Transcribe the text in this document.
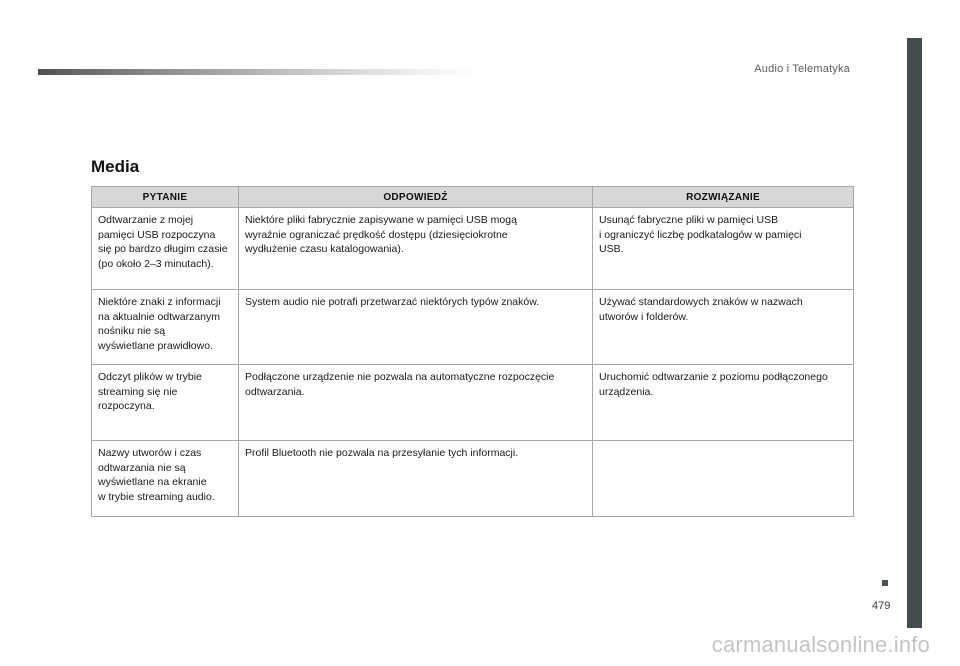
Audio i Telematyka
479
Media
PYTANIE	ODPOWIEDŹ	ROZWIĄZANIE

Odtwarzanie z mojej
pamięci USB rozpoczyna
się po bardzo długim czasie
(po około 2–3 minutach).	Niektóre pliki fabrycznie zapisywane w pamięci USB mogą
wyraźnie ograniczać prędkość dostępu (dziesięciokrotne
wydłużenie czasu katalogowania).	Usunąć fabryczne pliki w pamięci USB
i ograniczyć liczbę podkatalogów w pamięci
USB.

Niektóre znaki z informacji
na aktualnie odtwarzanym
nośniku nie są
wyświetlane prawidłowo.	System audio nie potrafi przetwarzać niektórych typów znaków.	Używać standardowych znaków w nazwach
utworów i folderów.

Odczyt plików w trybie
streaming się nie
rozpoczyna.	Podłączone urządzenie nie pozwala na automatyczne rozpoczęcie
odtwarzania.	Uruchomić odtwarzanie z poziomu podłączonego
urządzenia.

Nazwy utworów i czas
odtwarzania nie są
wyświetlane na ekranie
w trybie streaming audio.	Profil Bluetooth nie pozwala na przesyłanie tych informacji.	

carmanualsonline.info
